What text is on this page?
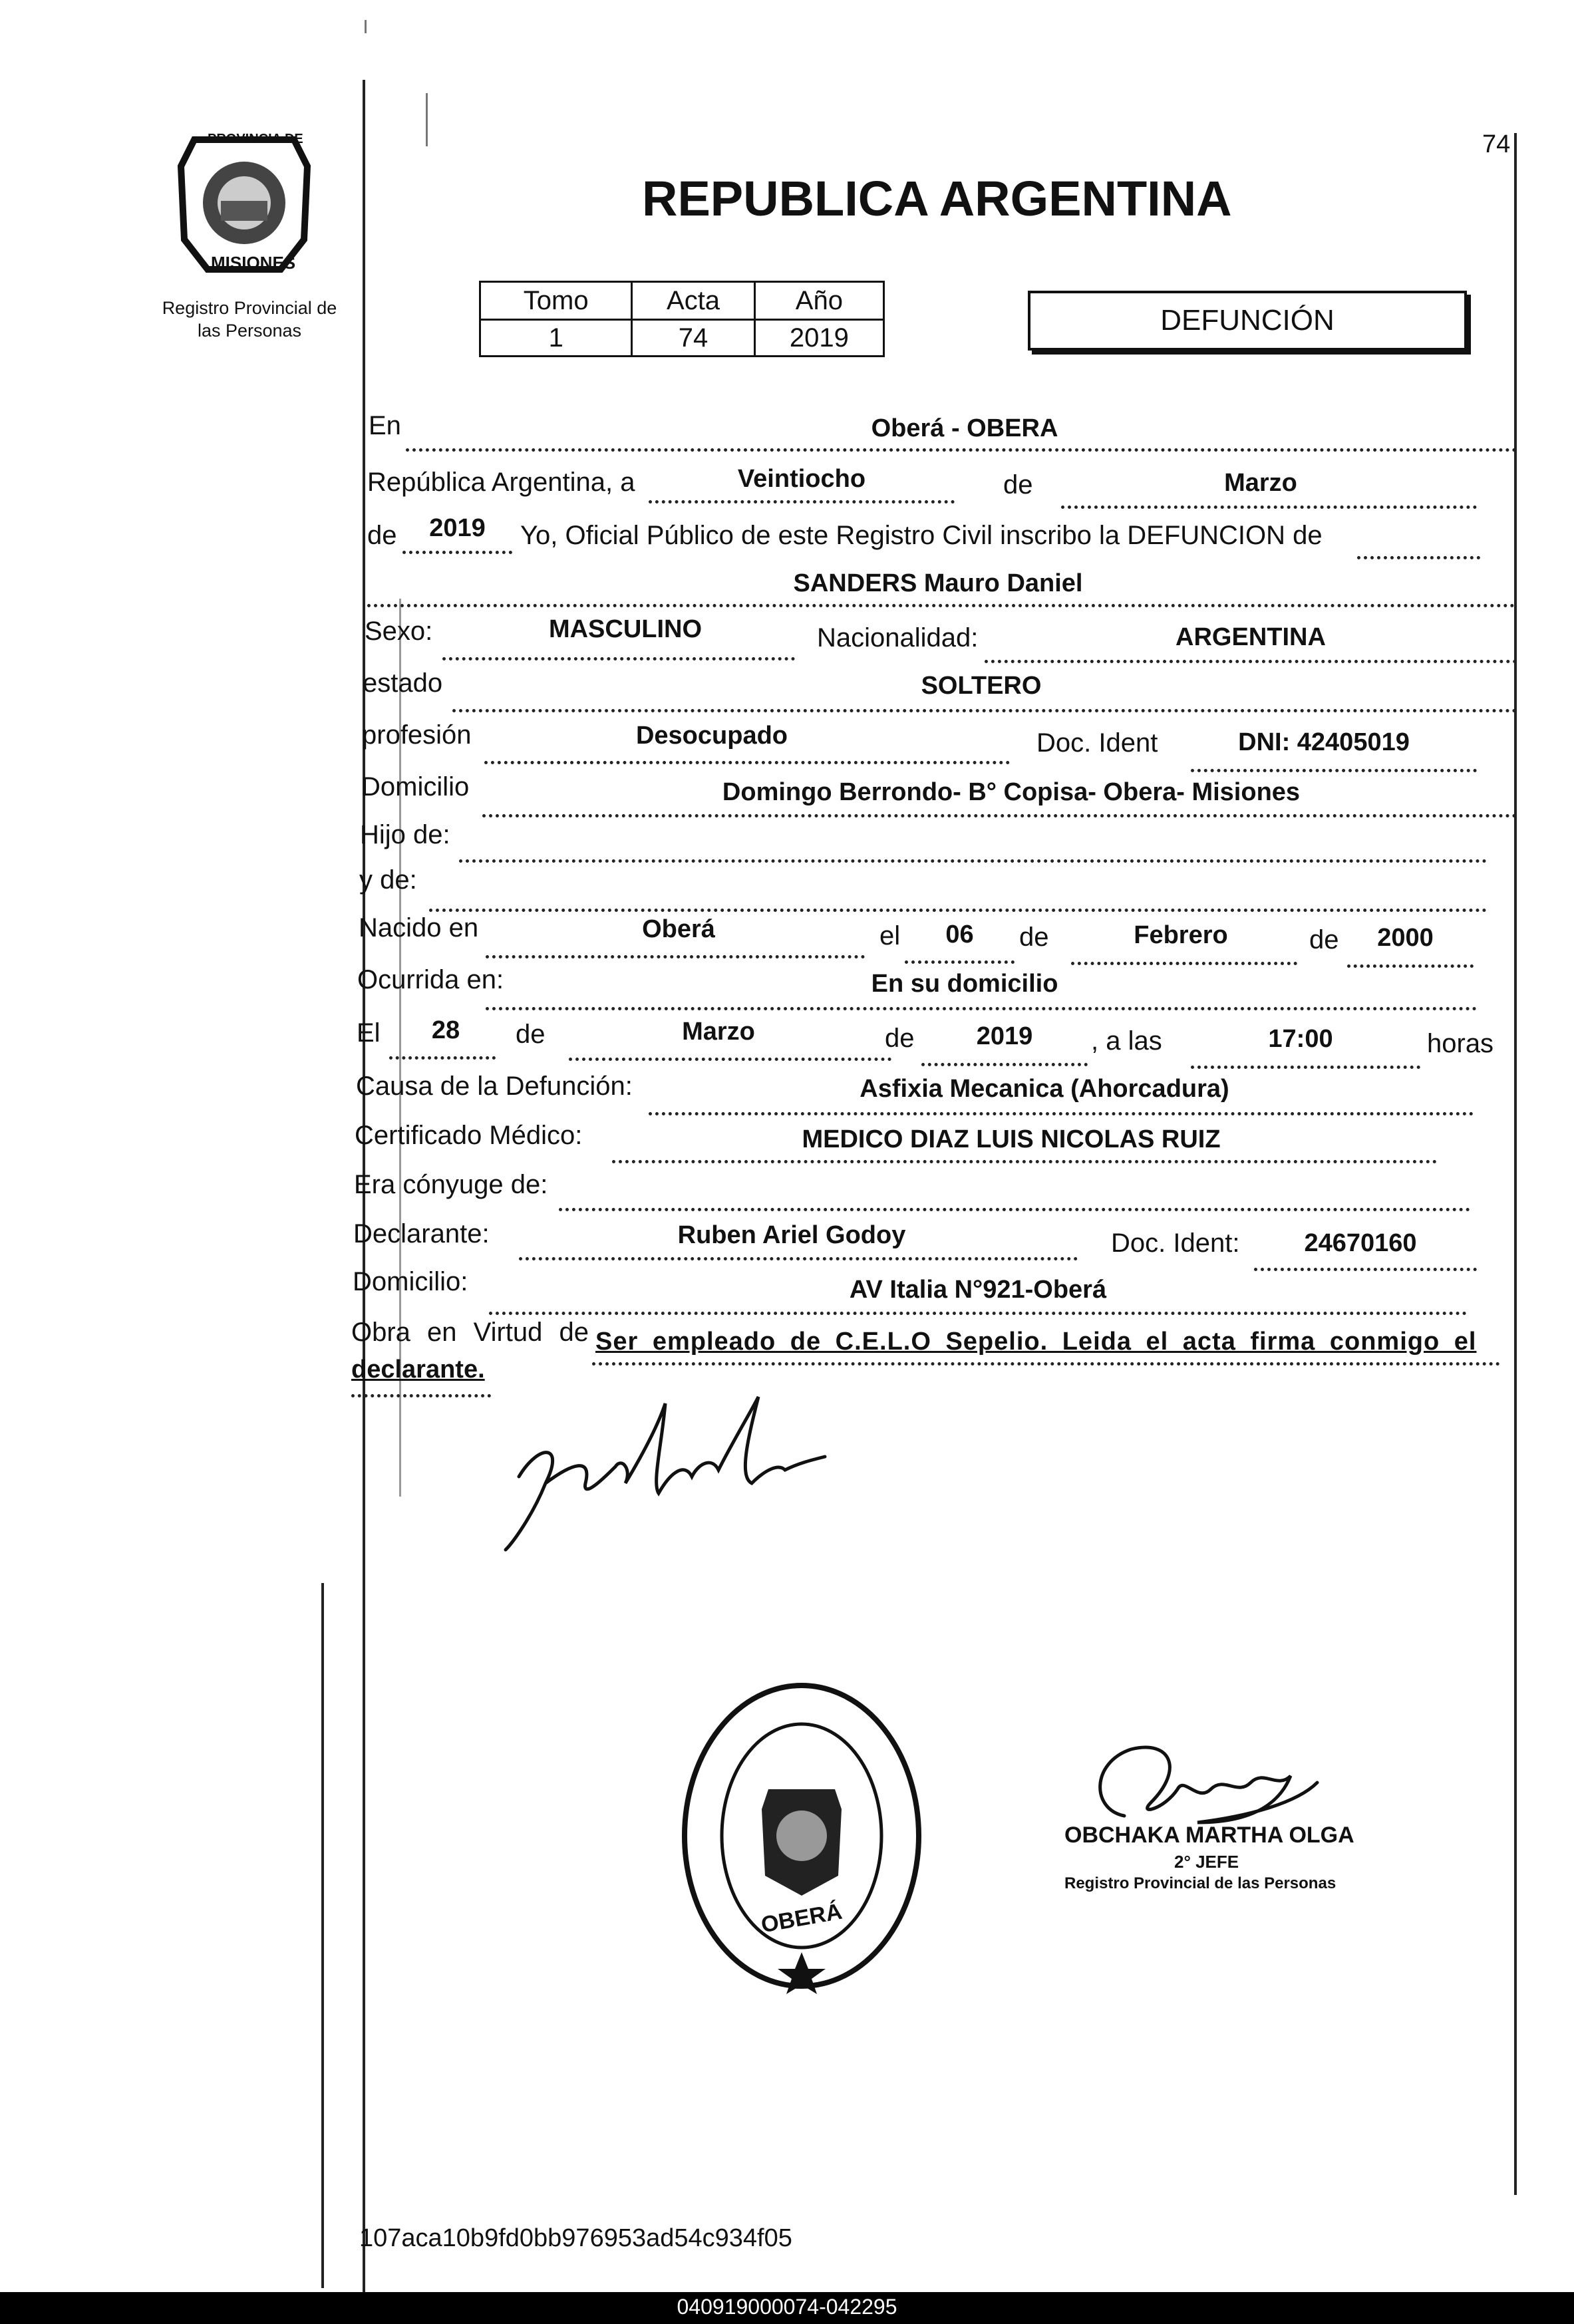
PROVINCIA DE
MISIONES
Registro Provincial de las Personas
74
REPUBLICA ARGENTINA
Tomo	Acta	Año
1	74	2019
DEFUNCIÓN
En	Oberá - OBERA
República Argentina, a	Veintiocho	de	Marzo
de	2019	Yo, Oficial Público de este Registro Civil inscribo la DEFUNCION de
SANDERS Mauro Daniel
Sexo:	MASCULINO	Nacionalidad:	ARGENTINA
estado	SOLTERO
profesión	Desocupado	Doc. Ident	DNI: 42405019
Domicilio	Domingo Berrondo- B° Copisa- Obera- Misiones
Hijo de:
y de:
Nacido en	Oberá	el	06	de	Febrero	de	2000
Ocurrida en:	En su domicilio
El	28	de	Marzo	de	2019	, a las	17:00	horas
Causa de la Defunción:	Asfixia Mecanica (Ahorcadura)
Certificado Médico:	MEDICO DIAZ LUIS NICOLAS RUIZ
Era cónyuge de:
Declarante:	Ruben Ariel Godoy	Doc. Ident:	24670160
Domicilio:	AV Italia N°921-Oberá
Obra en Virtud de Ser empleado de C.E.L.O Sepelio. Leida el acta firma conmigo el
declarante.
OBERÁ
OBCHAKA MARTHA OLGA
2° JEFE
Registro Provincial de las Personas
107aca10b9fd0bb976953ad54c934f05
040919000074-042295
